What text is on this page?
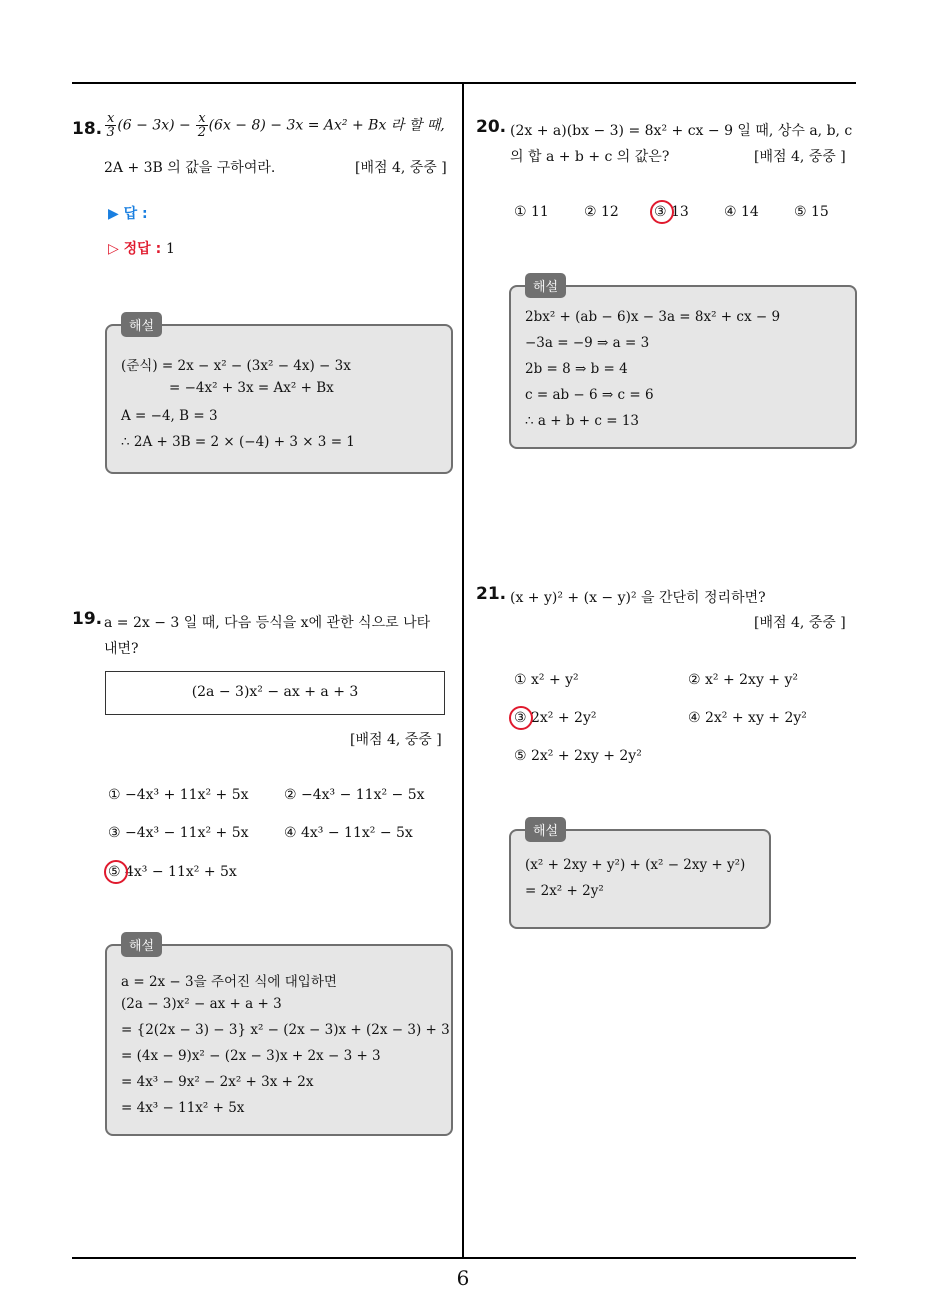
18. $\frac{x}{3} (6 - 3x) - \frac{x}{2} (6x - 8) - 3x = Ax^2 + Bx$ 라 할 때,
2A + 3B 의 값을 구하여라.	[배점 4, 중중 ]
▶ 답 :
▷ 정답 : 1
해설
(준식) = 2x − x² − (3x² − 4x) − 3x
= −4x² + 3x = Ax² + Bx
A = −4, B = 3
∴ 2A + 3B = 2 × (−4) + 3 × 3 = 1
19. a = 2x − 3 일 때, 다음 등식을 x에 관한 식으로 나타
내면?
(2a − 3)x² − ax + a + 3
[배점 4, 중중 ]
① −4x³ + 11x² + 5x	② −4x³ − 11x² − 5x
③ −4x³ − 11x² + 5x	④ 4x³ − 11x² − 5x
⑤ 4x³ − 11x² + 5x
해설
a = 2x − 3을 주어진 식에 대입하면
(2a − 3)x² − ax + a + 3
= {2(2x − 3) − 3} x² − (2x − 3)x + (2x − 3) + 3
= (4x − 9)x² − (2x − 3)x + 2x − 3 + 3
= 4x³ − 9x² − 2x² + 3x + 2x
= 4x³ − 11x² + 5x
20. (2x + a)(bx − 3) = 8x² + cx − 9 일 때, 상수 a, b, c
의 합 a + b + c 의 값은?	[배점 4, 중중 ]
① 11	② 12	③ 13	④ 14	⑤ 15
해설
2bx² + (ab − 6)x − 3a = 8x² + cx − 9
−3a = −9 ⇒ a = 3
2b = 8 ⇒ b = 4
c = ab − 6 ⇒ c = 6
∴ a + b + c = 13
21. (x + y)² + (x − y)² 을 간단히 정리하면?
[배점 4, 중중 ]
① x² + y²	② x² + 2xy + y²
③ 2x² + 2y²	④ 2x² + xy + 2y²
⑤ 2x² + 2xy + 2y²
해설
(x² + 2xy + y²) + (x² − 2xy + y²)
= 2x² + 2y²
6
